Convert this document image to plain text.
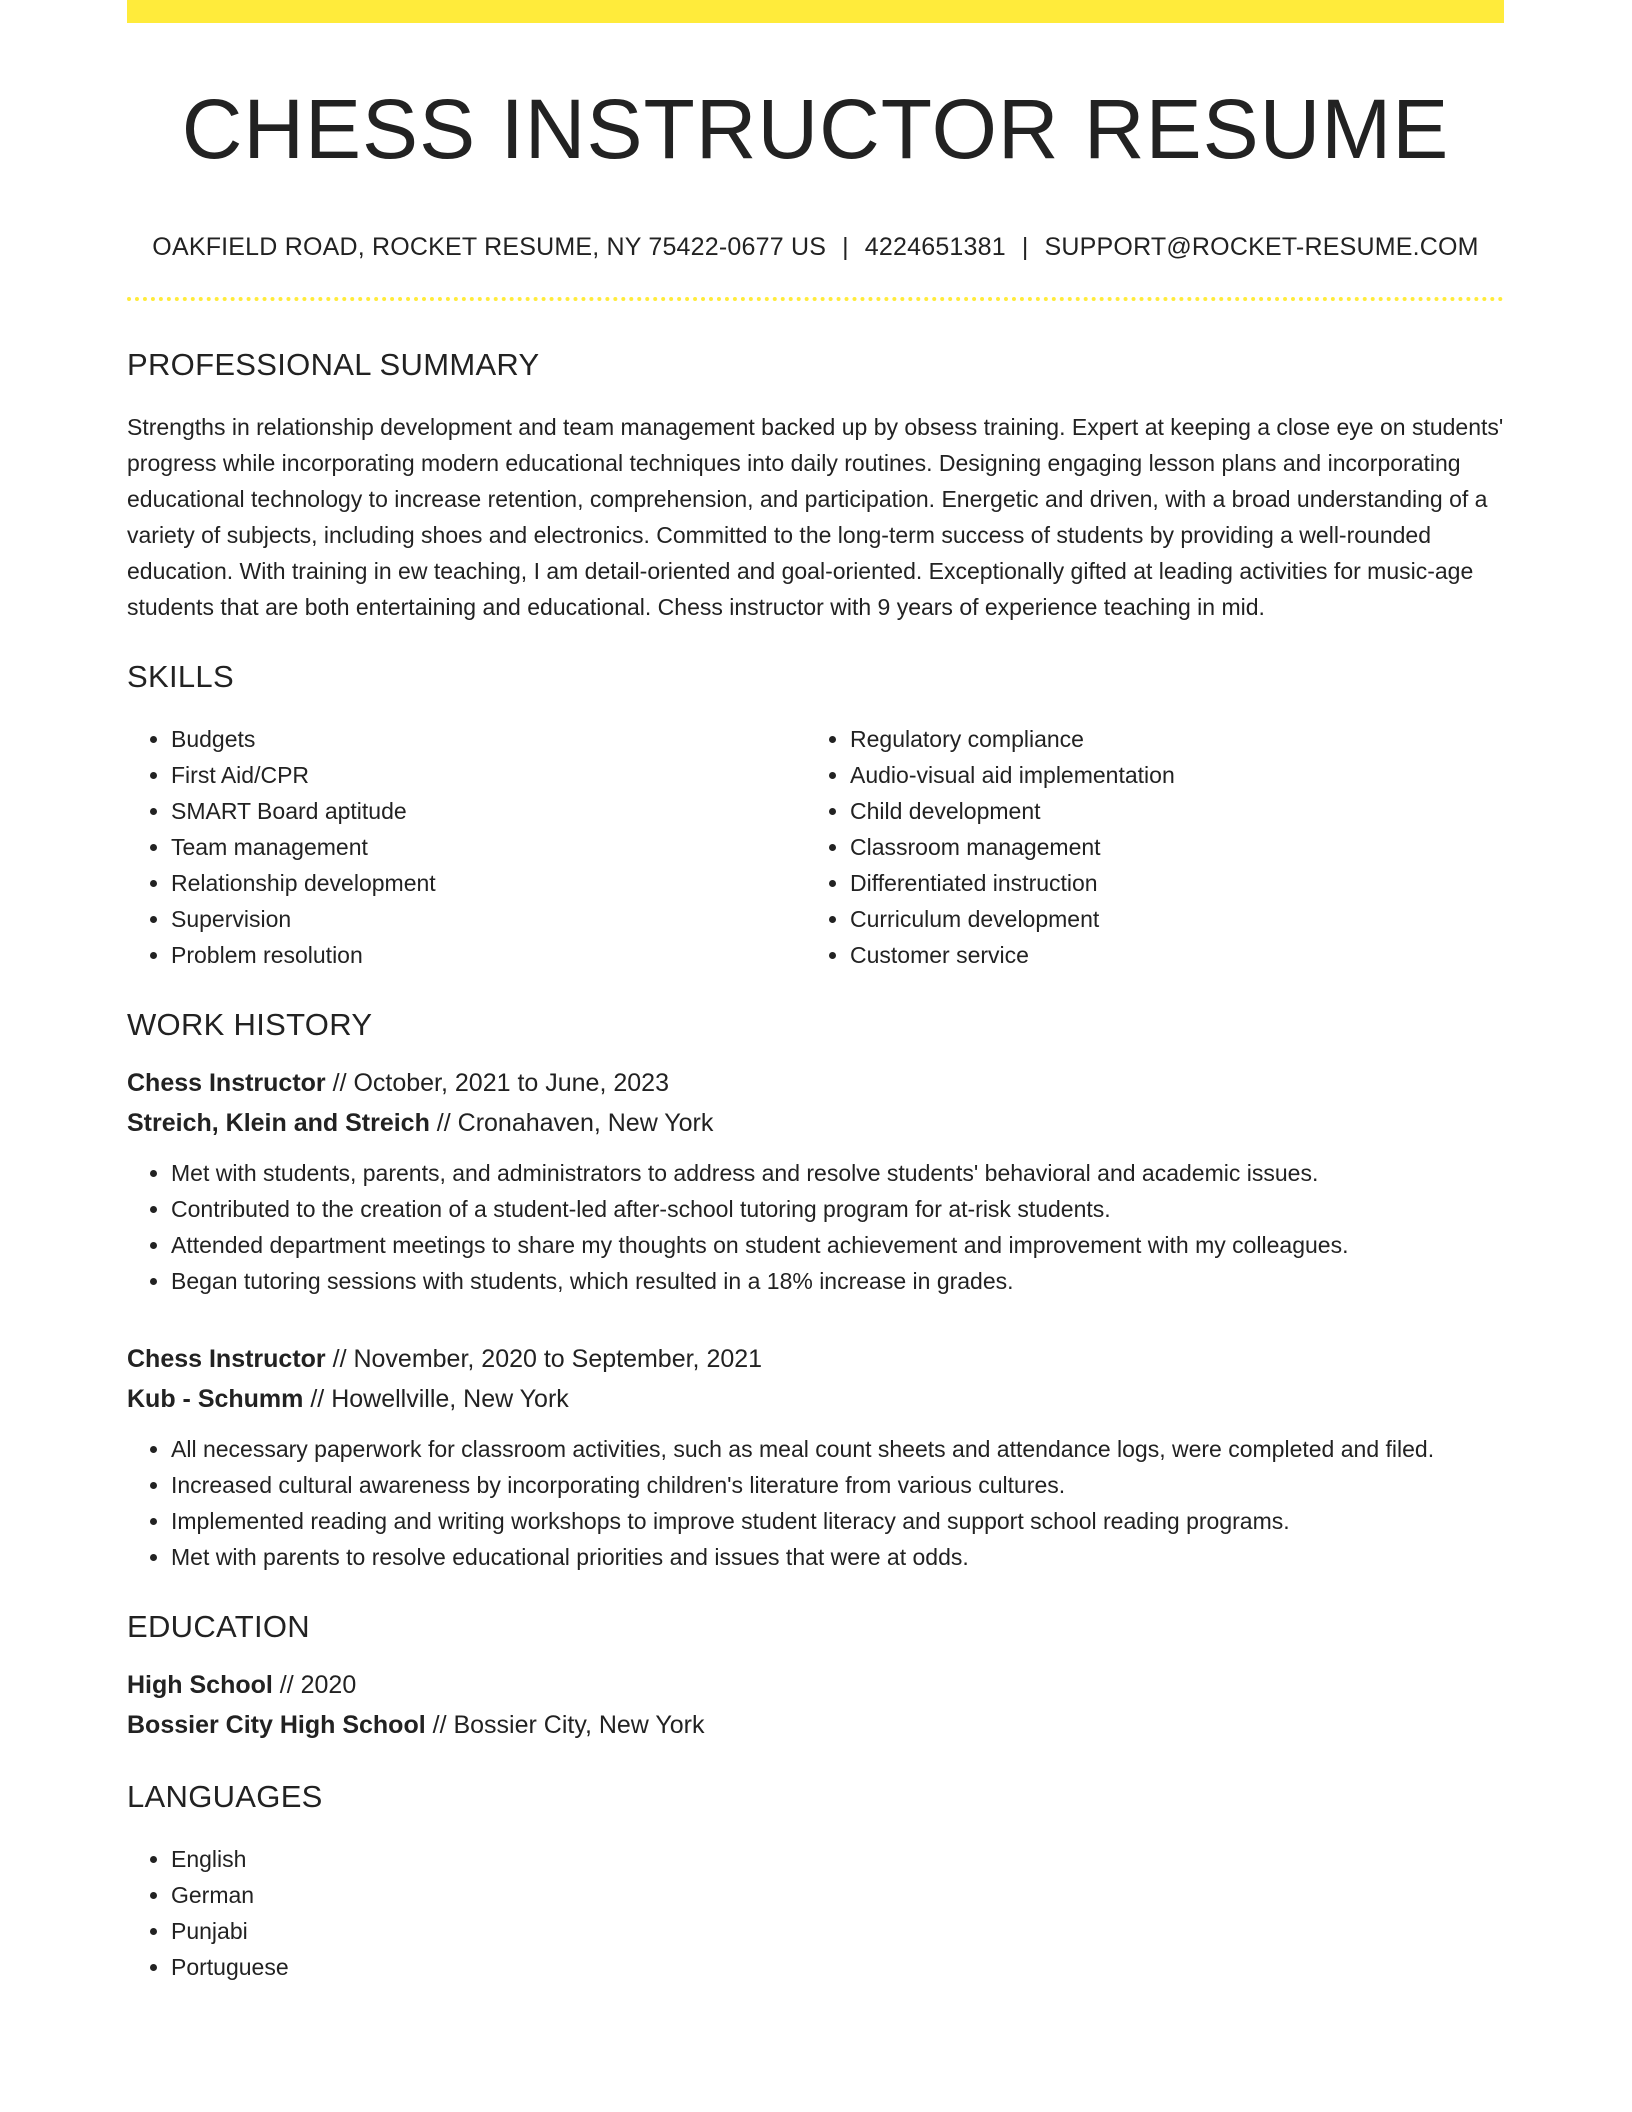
CHESS INSTRUCTOR RESUME
OAKFIELD ROAD, ROCKET RESUME, NY 75422-0677 US | 4224651381 | SUPPORT@ROCKET-RESUME.COM
PROFESSIONAL SUMMARY

Strengths in relationship development and team management backed up by obsess training. Expert at keeping a close eye on students' progress while incorporating modern educational techniques into daily routines. Designing engaging lesson plans and incorporating educational technology to increase retention, comprehension, and participation. Energetic and driven, with a broad understanding of a variety of subjects, including shoes and electronics. Committed to the long-term success of students by providing a well-rounded education. With training in ew teaching, I am detail-oriented and goal-oriented. Exceptionally gifted at leading activities for music-age students that are both entertaining and educational. Chess instructor with 9 years of experience teaching in mid.

SKILLS
• Budgets
• First Aid/CPR
• SMART Board aptitude
• Team management
• Relationship development
• Supervision
• Problem resolution
• Regulatory compliance
• Audio-visual aid implementation
• Child development
• Classroom management
• Differentiated instruction
• Curriculum development
• Customer service
WORK HISTORY
Chess Instructor // October, 2021 to June, 2023
Streich, Klein and Streich // Cronahaven, New York
• Met with students, parents, and administrators to address and resolve students' behavioral and academic issues.
• Contributed to the creation of a student-led after-school tutoring program for at-risk students.
• Attended department meetings to share my thoughts on student achievement and improvement with my colleagues.
• Began tutoring sessions with students, which resulted in a 18% increase in grades.
Chess Instructor // November, 2020 to September, 2021
Kub - Schumm // Howellville, New York
• All necessary paperwork for classroom activities, such as meal count sheets and attendance logs, were completed and filed.
• Increased cultural awareness by incorporating children's literature from various cultures.
• Implemented reading and writing workshops to improve student literacy and support school reading programs.
• Met with parents to resolve educational priorities and issues that were at odds.
EDUCATION
High School // 2020
Bossier City High School // Bossier City, New York
LANGUAGES
• English
• German
• Punjabi
• Portuguese
